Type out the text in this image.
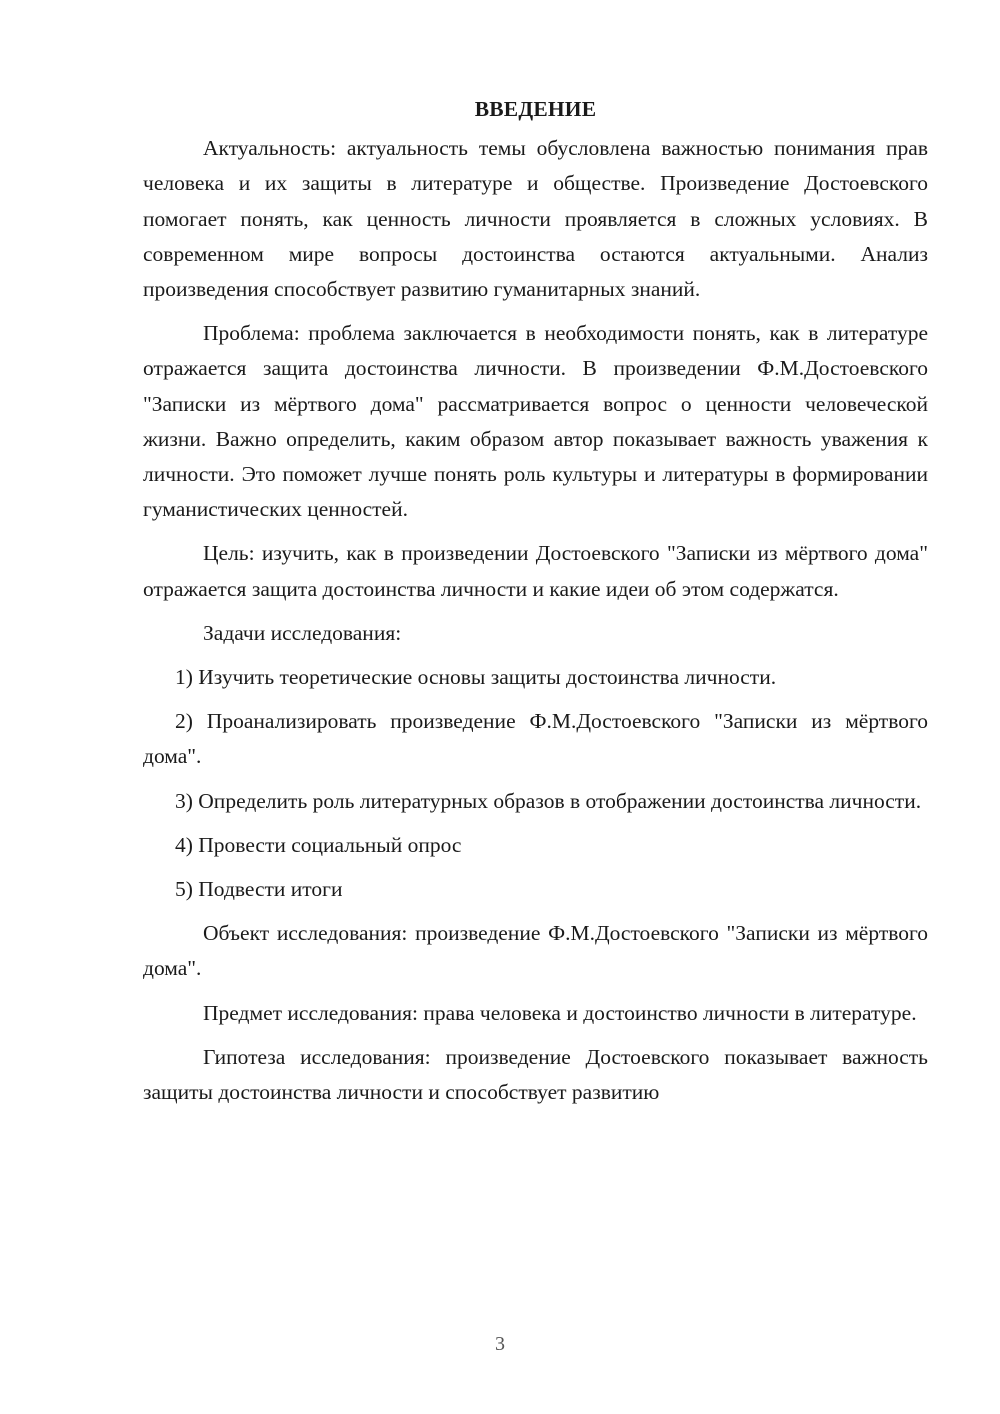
ВВЕДЕНИЕ

Актуальность: актуальность темы обусловлена важностью понимания прав человека и их защиты в литературе и обществе. Произведение Достоевского помогает понять, как ценность личности проявляется в сложных условиях. В современном мире вопросы достоинства остаются актуальными. Анализ произведения способствует развитию гуманитарных знаний.

Проблема: проблема заключается в необходимости понять, как в литературе отражается защита достоинства личности. В произведении Ф.М.Достоевского "Записки из мёртвого дома" рассматривается вопрос о ценности человеческой жизни. Важно определить, каким образом автор показывает важность уважения к личности. Это поможет лучше понять роль культуры и литературы в формировании гуманистических ценностей.

Цель: изучить, как в произведении Достоевского "Записки из мёртвого дома" отражается защита достоинства личности и какие идеи об этом содержатся.

Задачи исследования:

1) Изучить теоретические основы защиты достоинства личности.

2) Проанализировать произведение Ф.М.Достоевского "Записки из мёртвого дома".

3) Определить роль литературных образов в отображении достоинства личности.

4) Провести социальный опрос

5) Подвести итоги

Объект исследования: произведение Ф.М.Достоевского "Записки из мёртвого дома".

Предмет исследования: права человека и достоинство личности в литературе.

Гипотеза исследования: произведение Достоевского показывает важность защиты достоинства личности и способствует развитию

3
